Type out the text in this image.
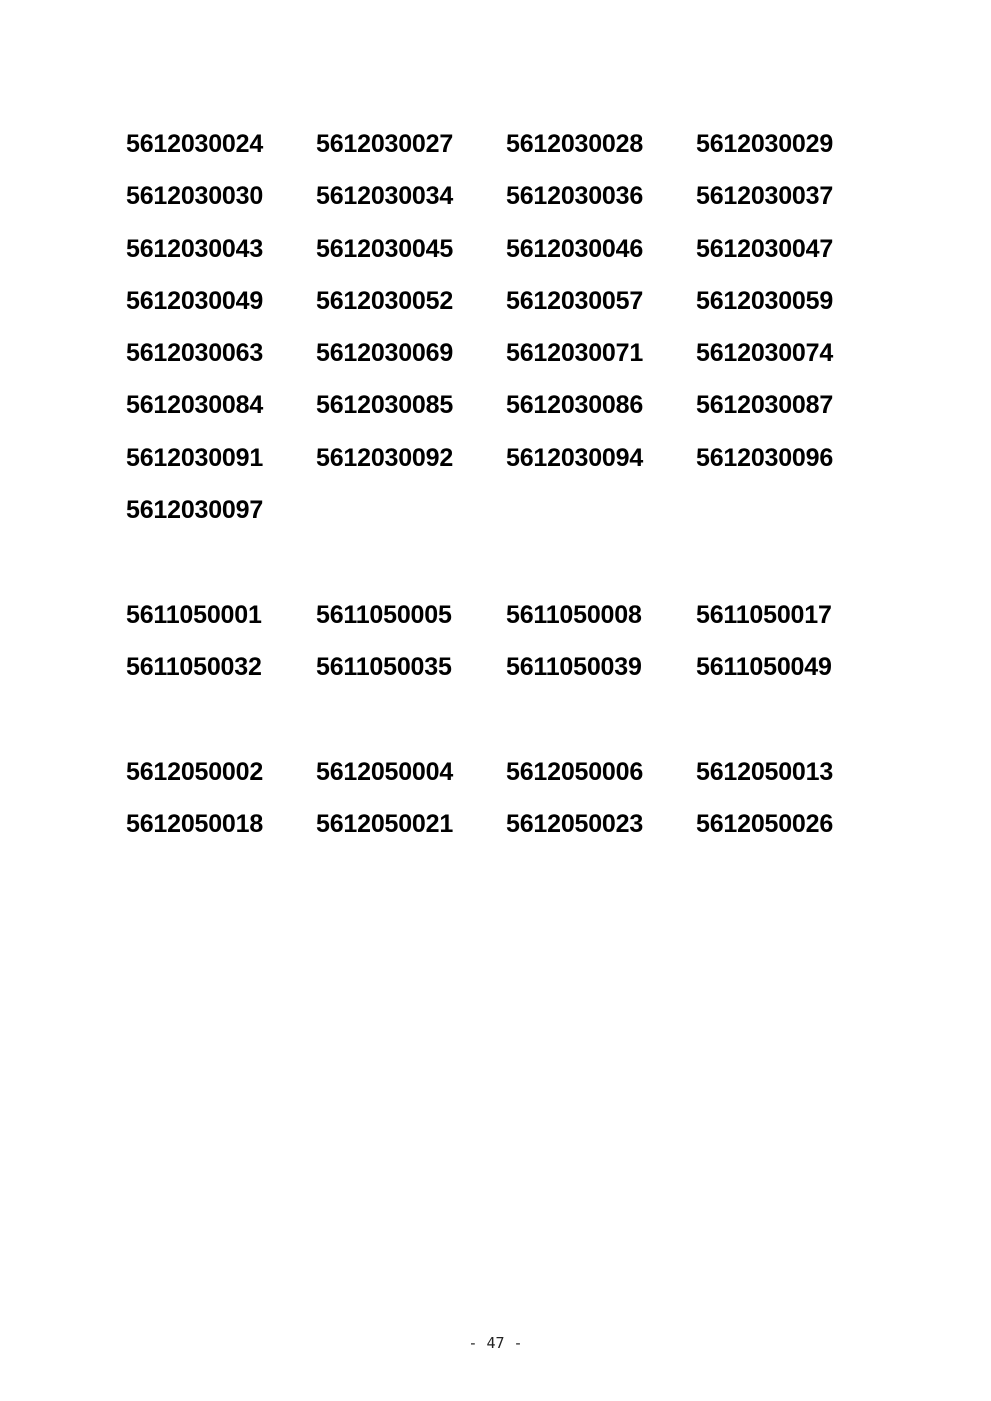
5612030024	5612030027	5612030028	5612030029
5612030030	5612030034	5612030036	5612030037
5612030043	5612030045	5612030046	5612030047
5612030049	5612030052	5612030057	5612030059
5612030063	5612030069	5612030071	5612030074
5612030084	5612030085	5612030086	5612030087
5612030091	5612030092	5612030094	5612030096
5612030097
5611050001	5611050005	5611050008	5611050017
5611050032	5611050035	5611050039	5611050049
5612050002	5612050004	5612050006	5612050013
5612050018	5612050021	5612050023	5612050026
- 47 -
